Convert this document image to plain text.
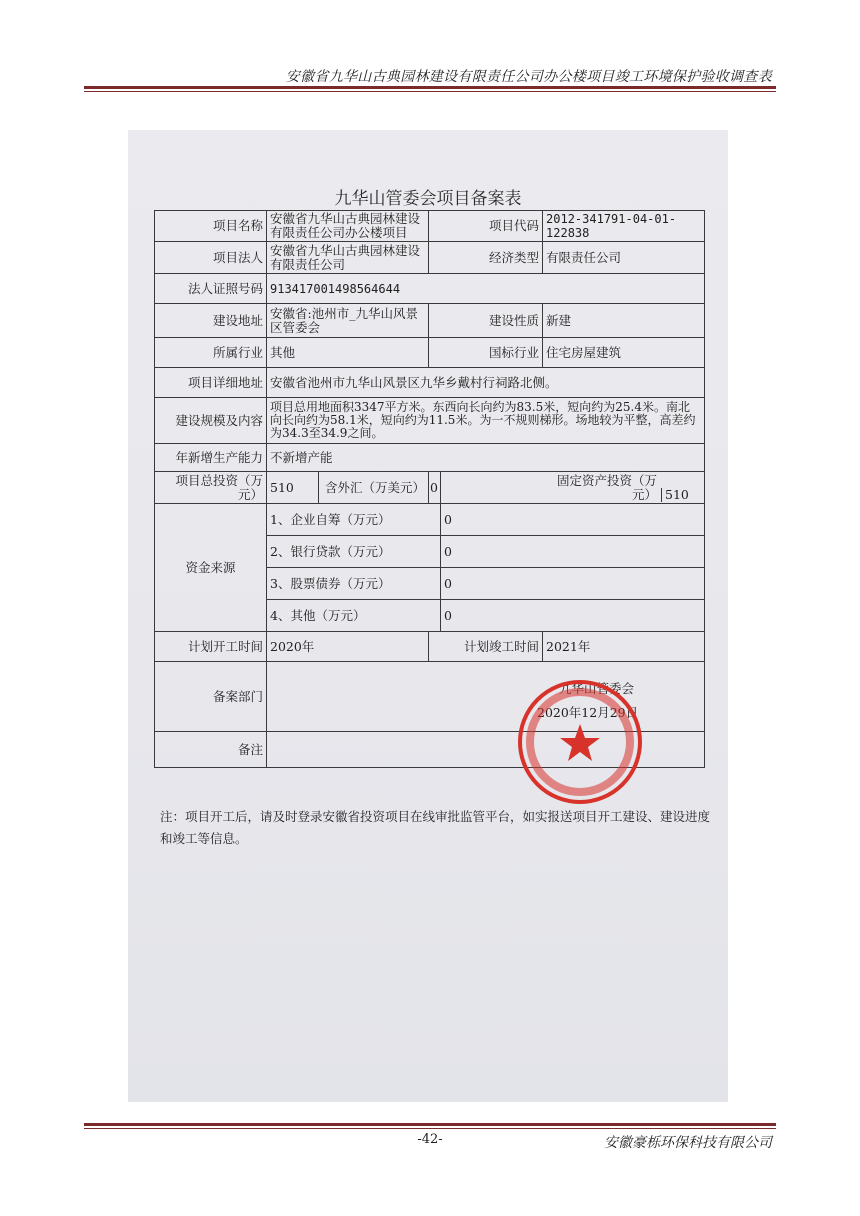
安徽省九华山古典园林建设有限责任公司办公楼项目竣工环境保护验收调查表
九华山管委会项目备案表
项目名称	安徽省九华山古典园林建设有限责任公司办公楼项目		项目代码		2012-341791-04-01-122838
项目法人	安徽省九华山古典园林建设有限责任公司		经济类型		有限责任公司
法人证照号码	913417001498564644				
建设地址	安徽省:池州市_九华山风景区管委会		建设性质		新建
所属行业	其他		国标行业		住宅房屋建筑
项目详细地址	安徽省池州市九华山风景区九华乡戴村行祠路北侧。				
建设规模及内容	项目总用地面积3347平方米。东西向长向约为83.5米，短向约为25.4米。南北向长向约为58.1米，短向约为11.5米。为一不规则梯形。场地较为平整，高差约为34.3至34.9之间。				
年新增生产能力	不新增产能				
项目总投资（万元）	510	含外汇（万美元）	0	固定资产投资（万元） 510	
资金来源	1、企业自筹（万元）			0	
	2、银行贷款（万元）			0	
	3、股票债券（万元）			0	
	4、其他（万元）			0	
计划开工时间	2020年		计划竣工时间		2021年
备案部门	九华山管委会
2020年12月29日				

备注					
注：项目开工后，请及时登录安徽省投资项目在线审批监管平台，如实报送项目开工建设、建设进度和竣工等信息。
-42-	安徽豪栎环保科技有限公司
